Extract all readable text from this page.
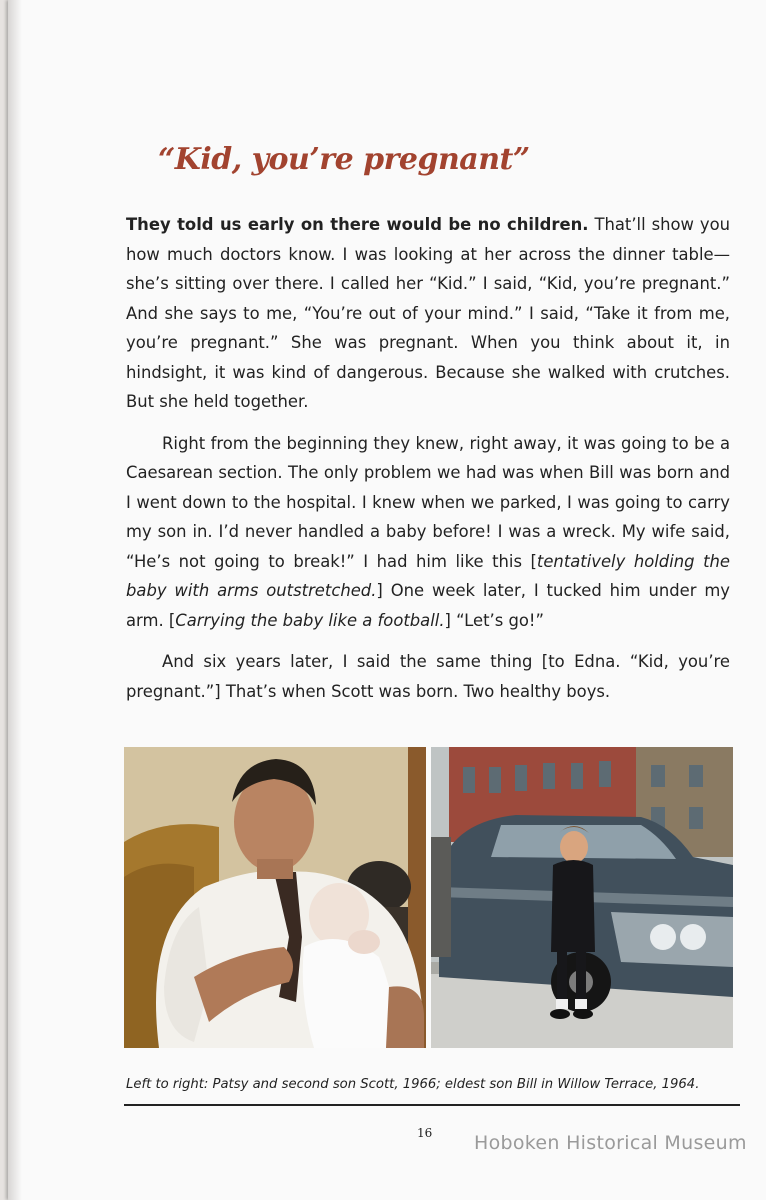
“Kid, you’re pregnant”

They told us early on there would be no children. That’ll show you how much doctors know. I was looking at her across the dinner table—she’s sitting over there. I called her “Kid.” I said, “Kid, you’re pregnant.” And she says to me, “You’re out of your mind.” I said, “Take it from me, you’re pregnant.” She was pregnant. When you think about it, in hindsight, it was kind of dangerous. Because she walked with crutches. But she held together.

Right from the beginning they knew, right away, it was going to be a Caesarean section. The only problem we had was when Bill was born and I went down to the hospital. I knew when we parked, I was going to carry my son in. I’d never handled a baby before! I was a wreck. My wife said, “He’s not going to break!” I had him like this [tentatively holding the baby with arms outstretched.] One week later, I tucked him under my arm. [Carrying the baby like a football.] “Let’s go!”

And six years later, I said the same thing [to Edna. “Kid, you’re pregnant.”] That’s when Scott was born. Two healthy boys.

Left to right: Patsy and second son Scott, 1966; eldest son Bill in Willow Terrace, 1964.
16 Hoboken Historical Museum
